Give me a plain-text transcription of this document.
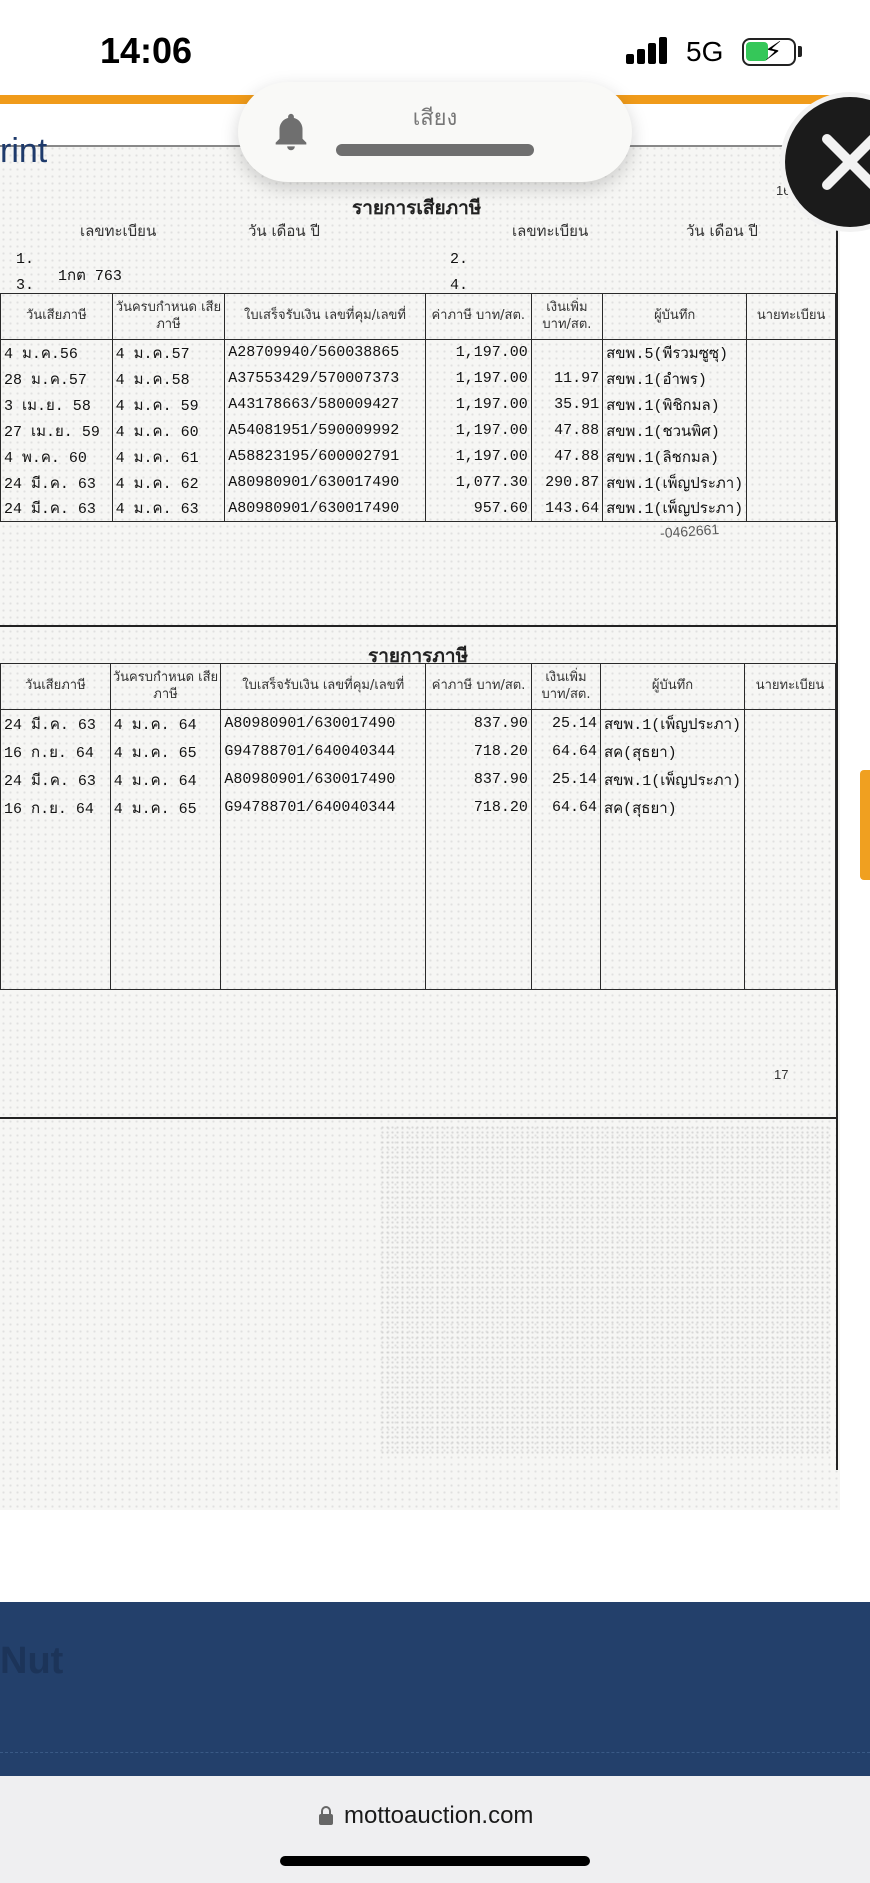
14:06	5G ⚡
16
รายการเสียภาษี
เลขทะเบียน	วัน เดือน ปี	เลขทะเบียน	วัน เดือน ปี
1.
1กต 763
2.
3.	4.
วันเสียภาษี	วันครบกำหนด เสียภาษี	ใบเสร็จรับเงิน เลขที่คุม/เลขที่	ค่าภาษี บาท/สต.	เงินเพิ่ม บาท/สต.	ผู้บันทึก	นายทะเบียน
4 ม.ค.56	4 ม.ค.57	A28709940/560038865	1,197.00		สขพ.5(พีรวมซูซุ)	
28 ม.ค.57	4 ม.ค.58	A37553429/570007373	1,197.00	11.97	สขพ.1(อำพร)	
3 เม.ย. 58	4 ม.ค. 59	A43178663/580009427	1,197.00	35.91	สขพ.1(พิชิกมล)	
27 เม.ย. 59	4 ม.ค. 60	A54081951/590009992	1,197.00	47.88	สขพ.1(ชวนพิศ)	
4 พ.ค. 60	4 ม.ค. 61	A58823195/600002791	1,197.00	47.88	สขพ.1(ลิชกมล)	
24 มี.ค. 63	4 ม.ค. 62	A80980901/630017490	1,077.30	290.87	สขพ.1(เพ็ญประภา)	
24 มี.ค. 63	4 ม.ค. 63	A80980901/630017490	957.60	143.64	สขพ.1(เพ็ญประภา)	
-0462661
รายการภาษี
วันเสียภาษี	วันครบกำหนด เสียภาษี	ใบเสร็จรับเงิน เลขที่คุม/เลขที่	ค่าภาษี บาท/สต.	เงินเพิ่ม บาท/สต.	ผู้บันทึก	นายทะเบียน
24 มี.ค. 63	4 ม.ค. 64	A80980901/630017490	837.90	25.14	สขพ.1(เพ็ญประภา)	
16 ก.ย. 64	4 ม.ค. 65	G94788701/640040344	718.20	64.64	สค(สุธยา)	
24 มี.ค. 63	4 ม.ค. 64	A80980901/630017490	837.90	25.14	สขพ.1(เพ็ญประภา)	
16 ก.ย. 64	4 ม.ค. 65	G94788701/640040344	718.20	64.64	สค(สุธยา)	

17
rint
เสียง
Nut
mottoauction.com
